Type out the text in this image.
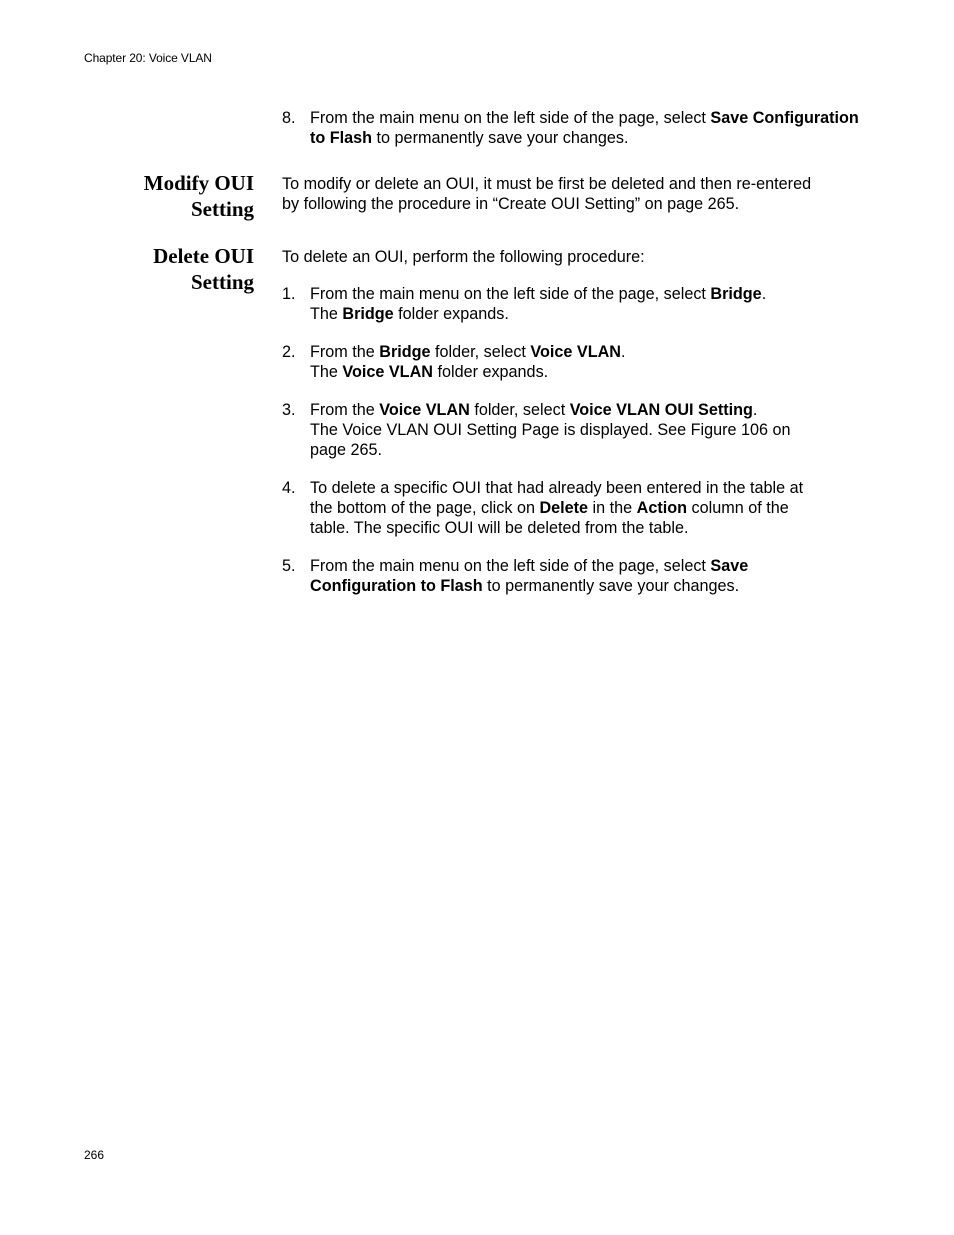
Chapter 20: Voice VLAN
8. From the main menu on the left side of the page, select Save Configuration to Flash to permanently save your changes.
Modify OUI
Setting
To modify or delete an OUI, it must be first be deleted and then re-entered
by following the procedure in “Create OUI Setting” on page 265.
Delete OUI
Setting
To delete an OUI, perform the following procedure:
1. From the main menu on the left side of the page, select Bridge.
The Bridge folder expands.
2. From the Bridge folder, select Voice VLAN.
The Voice VLAN folder expands.
3. From the Voice VLAN folder, select Voice VLAN OUI Setting.
The Voice VLAN OUI Setting Page is displayed. See Figure 106 on
page 265.
4. To delete a specific OUI that had already been entered in the table at
the bottom of the page, click on Delete in the Action column of the
table. The specific OUI will be deleted from the table.
5. From the main menu on the left side of the page, select Save
Configuration to Flash to permanently save your changes.
266
